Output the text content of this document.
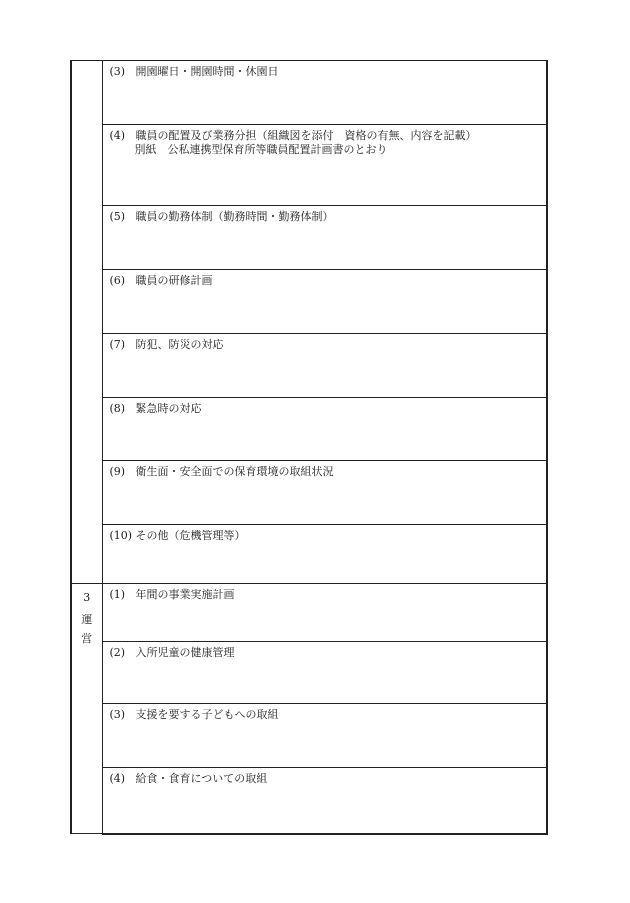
	(3) 開園曜日・開園時間・休園日

	(4) 職員の配置及び業務分担（組織図を添付　資格の有無、内容を記載）
別紙　公私連携型保育所等職員配置計画書のとおり

	(5) 職員の勤務体制（勤務時間・勤務体制）

	(6) 職員の研修計画

	(7) 防犯、防災の対応

	(8) 緊急時の対応

	(9) 衛生面・安全面での保育環境の取組状況

	(10) その他（危機管理等）

3
運
営	(1) 年間の事業実施計画

	(2) 入所児童の健康管理

	(3) 支援を要する子どもへの取組

	(4) 給食・食育についての取組
